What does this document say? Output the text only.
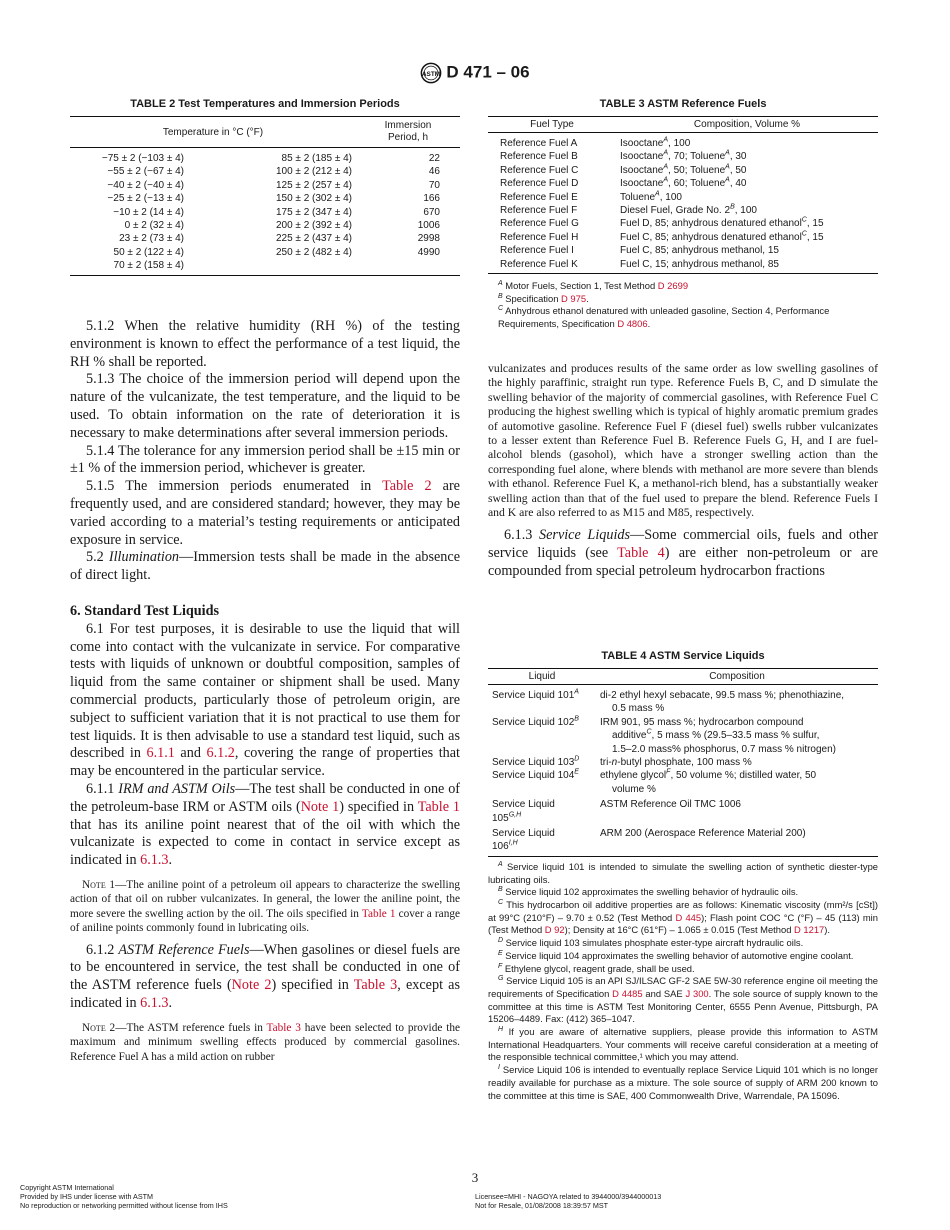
ASTM D 471 – 06
TABLE 2 Test Temperatures and Immersion Periods
Temperature in °C (°F)		Immersion
Period, h

−75 ± 2 (−103 ± 4)	85 ± 2 (185 ± 4)	22
−55 ± 2 (−67 ± 4)	100 ± 2 (212 ± 4)	46
−40 ± 2 (−40 ± 4)	125 ± 2 (257 ± 4)	70
−25 ± 2 (−13 ± 4)	150 ± 2 (302 ± 4)	166
−10 ± 2 (14 ± 4)	175 ± 2 (347 ± 4)	670
0 ± 2 (32 ± 4)	200 ± 2 (392 ± 4)	1006
23 ± 2 (73 ± 4)	225 ± 2 (437 ± 4)	2998
50 ± 2 (122 ± 4)	250 ± 2 (482 ± 4)	4990
70 ± 2 (158 ± 4)		
TABLE 3 ASTM Reference Fuels
Fuel Type	Composition, Volume %
Reference Fuel A	Isooctane$^A$, 100
Reference Fuel B	Isooctane$^A$, 70; Toluene$^A$, 30
Reference Fuel C	Isooctane$^A$, 50; Toluene$^A$, 50
Reference Fuel D	Isooctane$^A$, 60; Toluene$^A$, 40
Reference Fuel E	Toluene$^A$, 100
Reference Fuel F	Diesel Fuel, Grade No. $2^B$, 100
Reference Fuel G	Fuel D, 85; anhydrous denatured ethanol$^C$, 15
Reference Fuel H	Fuel C, 85; anhydrous denatured ethanol$^C$, 15
Reference Fuel I	Fuel C, 85; anhydrous methanol, 15
Reference Fuel K	Fuel C, 15; anhydrous methanol, 85
$^A$ Motor Fuels, Section 1, Test Method D 2699
$^B$ Specification D 975.
$^C$ Anhydrous ethanol denatured with unleaded gasoline, Section 4, Performance Requirements, Specification D 4806.

5.1.2 When the relative humidity (RH %) of the testing environment is known to effect the performance of a test liquid, the RH % shall be reported.

5.1.3 The choice of the immersion period will depend upon the nature of the vulcanizate, the test temperature, and the liquid to be used. To obtain information on the rate of deterioration it is necessary to make determinations after several immersion periods.

5.1.4 The tolerance for any immersion period shall be ±15 min or ±1 % of the immersion period, whichever is greater.

5.1.5 The immersion periods enumerated in Table 2 are frequently used, and are considered standard; however, they may be varied according to a material’s testing requirements or anticipated exposure in service.

5.2 Illumination—Immersion tests shall be made in the absence of direct light.

6. Standard Test Liquids

6.1 For test purposes, it is desirable to use the liquid that will come into contact with the vulcanizate in service. For comparative tests with liquids of unknown or doubtful composition, samples of liquid from the same container or shipment shall be used. Many commercial products, particularly those of petroleum origin, are subject to sufficient variation that it is not practical to use them for test liquids. It is then advisable to use a standard test liquid, such as described in 6.1.1 and 6.1.2, covering the range of properties that may be encountered in the particular service.

6.1.1 IRM and ASTM Oils—The test shall be conducted in one of the petroleum-base IRM or ASTM oils (Note 1) specified in Table 1 that has its aniline point nearest that of the oil with which the vulcanizate is expected to come in contact in service except as indicated in 6.1.3.

Note 1—The aniline point of a petroleum oil appears to characterize the swelling action of that oil on rubber vulcanizates. In general, the lower the aniline point, the more severe the swelling action by the oil. The oils specified in Table 1 cover a range of aniline points commonly found in lubricating oils.

6.1.2 ASTM Reference Fuels—When gasolines or diesel fuels are to be encountered in service, the test shall be conducted in one of the ASTM reference fuels (Note 2) specified in Table 3, except as indicated in 6.1.3.

Note 2—The ASTM reference fuels in Table 3 have been selected to provide the maximum and minimum swelling effects produced by commercial gasolines. Reference Fuel A has a mild action on rubber

vulcanizates and produces results of the same order as low swelling gasolines of the highly paraffinic, straight run type. Reference Fuels B, C, and D simulate the swelling behavior of the majority of commercial gasolines, with Reference Fuel C producing the highest swelling which is typical of highly aromatic premium grades of automotive gasoline. Reference Fuel F (diesel fuel) swells rubber vulcanizates to a lesser extent than Reference Fuel B. Reference Fuels G, H, and I are fuel-alcohol blends (gasohol), which have a stronger swelling action than the corresponding fuel alone, where blends with methanol are more severe than blends with ethanol. Reference Fuel K, a methanol-rich blend, has a substantially weaker swelling action than that of the fuel used to prepare the blend. Reference Fuels I and K are also referred to as M15 and M85, respectively.

6.1.3 Service Liquids—Some commercial oils, fuels and other service liquids (see Table 4) are either non-petroleum or are compounded from special petroleum hydrocarbon fractions

TABLE 4 ASTM Service Liquids
Liquid	Composition
Service Liquid $101^A$	di-2 ethyl hexyl sebacate, 99.5 mass %; phenothiazine,
0.5 mass %

Service Liquid $102^B$	IRM 901, 95 mass %; hydrocarbon compound
additive$^C$, 5 mass % (29.5–33.5 mass % sulfur,
1.5–2.0 mass% phosphorus, 0.7 mass % nitrogen)

Service Liquid $103^D$	tri-n-butyl phosphate, 100 mass %
Service Liquid $104^E$	ethylene glycol$^F$, 50 volume %; distilled water, 50
volume %

Service Liquid
$105^{G,H}$	ASTM Reference Oil TMC 1006

Service Liquid
$106^{I,H}$	ARM 200 (Aerospace Reference Material 200)
$^A$ Service liquid 101 is intended to simulate the swelling action of synthetic diester-type lubricating oils.
$^B$ Service liquid 102 approximates the swelling behavior of hydraulic oils.
$^C$ This hydrocarbon oil additive properties are as follows: Kinematic viscosity (mm²/s [cSt]) at 99°C (210°F) – 9.70 ± 0.52 (Test Method D 445); Flash point COC °C (°F) – 45 (113) min (Test Method D 92); Density at 16°C (61°F) – 1.065 ± 0.015 (Test Method D 1217).
$^D$ Service liquid 103 simulates phosphate ester-type aircraft hydraulic oils.
$^E$ Service liquid 104 approximates the swelling behavior of automotive engine coolant.
$^F$ Ethylene glycol, reagent grade, shall be used.
$^G$ Service Liquid 105 is an API SJ/ILSAC GF-2 SAE 5W-30 reference engine oil meeting the requirements of Specification D 4485 and SAE J 300. The sole source of supply known to the committee at this time is ASTM Test Monitoring Center, 6555 Penn Avenue, Pittsburgh, PA 15206–4489. Fax: (412) 365–1047.
$^H$ If you are aware of alternative suppliers, please provide this information to ASTM International Headquarters. Your comments will receive careful consideration at a meeting of the responsible technical committee,¹ which you may attend.
$^I$ Service Liquid 106 is intended to eventually replace Service Liquid 101 which is no longer readily available for purchase as a mixture. The sole source of supply of ARM 200 known to the committee at this time is SAE, 400 Commonwealth Drive, Warrendale, PA 15096.
3
Copyright ASTM International
Provided by IHS under license with ASTM
No reproduction or networking permitted without license from IHS
Licensee=MHI - NAGOYA related to 3944000/3944000013
Not for Resale, 01/08/2008 18:39:57 MST
